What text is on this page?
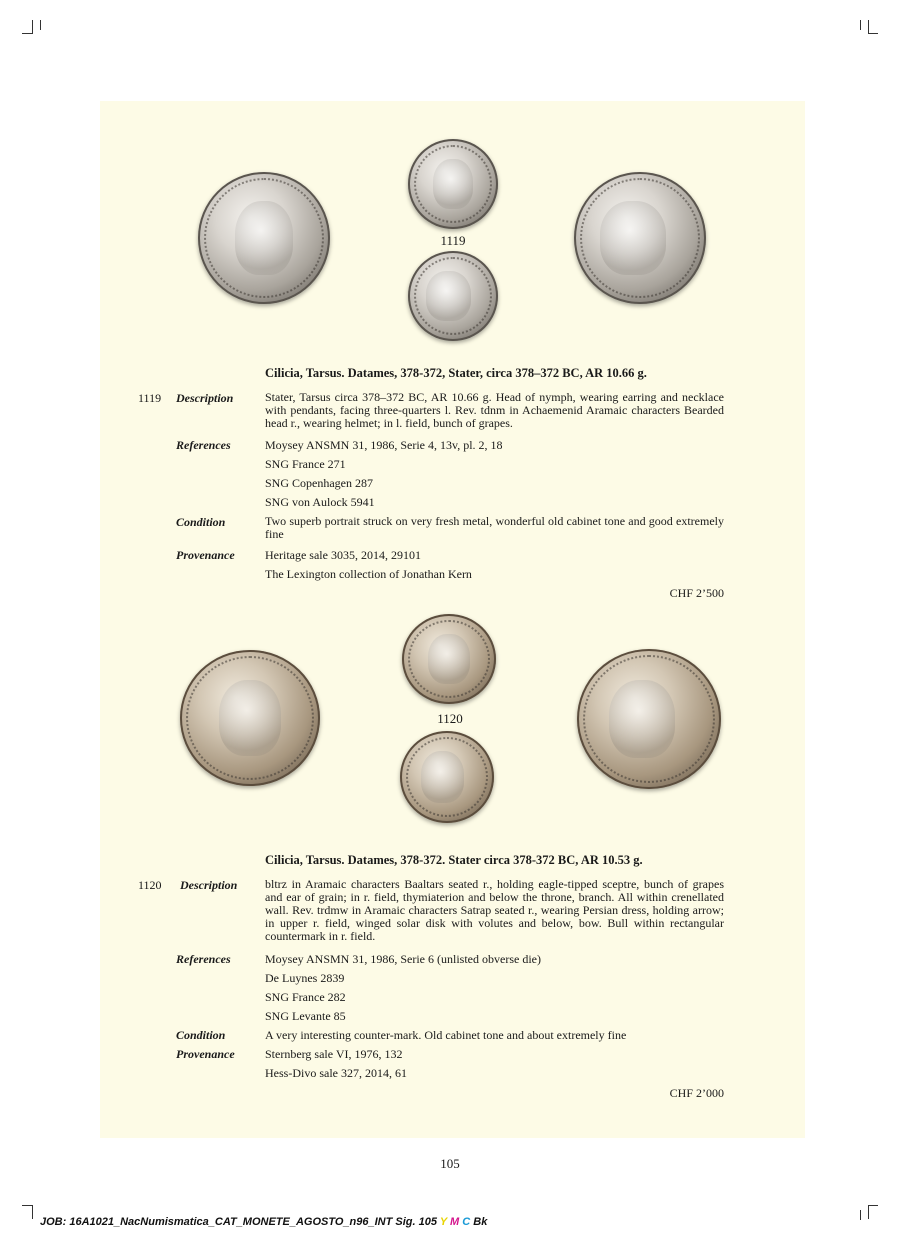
1119
Cilicia, Tarsus. Datames, 378-372, Stater, circa 378–372 BC, AR 10.66 g.
1119 Description	Stater, Tarsus circa 378–372 BC, AR 10.66 g. Head of nymph, wearing earring and necklace with pendants, facing three-quarters l. Rev. tdnm in Achaemenid Aramaic characters Bearded head r., wearing helmet; in l. field, bunch of grapes.
References	Moysey ANSMN 31, 1986, Serie 4, 13v, pl. 2, 18
SNG France 271
SNG Copenhagen 287
SNG von Aulock 5941
Condition	Two superb portrait struck on very fresh metal, wonderful old cabinet tone and good extremely fine
Provenance	Heritage sale 3035, 2014, 29101
The Lexington collection of Jonathan Kern
CHF 2’500
1120
Cilicia, Tarsus. Datames, 378-372. Stater circa 378-372 BC, AR 10.53 g.
1120 Description bltrz in Aramaic characters Baaltars seated r., holding eagle-tipped sceptre, bunch of grapes and ear of grain; in r. field, thymiaterion and below the throne, branch. All within crenellated wall. Rev. trdmw in Aramaic characters Satrap seated r., wearing Persian dress, holding arrow; in upper r. field, winged solar disk with volutes and below, bow. Bull within rectangular countermark in r. field.
References	Moysey ANSMN 31, 1986, Serie 6 (unlisted obverse die)
De Luynes 2839
SNG France 282
SNG Levante 85
Condition	A very interesting counter-mark. Old cabinet tone and about extremely fine
Provenance	Sternberg sale VI, 1976, 132
Hess-Divo sale 327, 2014, 61
CHF 2’000
105
JOB: 16A1021_NacNumismatica_CAT_MONETE_AGOSTO_n96_INT Sig. 105 Y M C Bk
